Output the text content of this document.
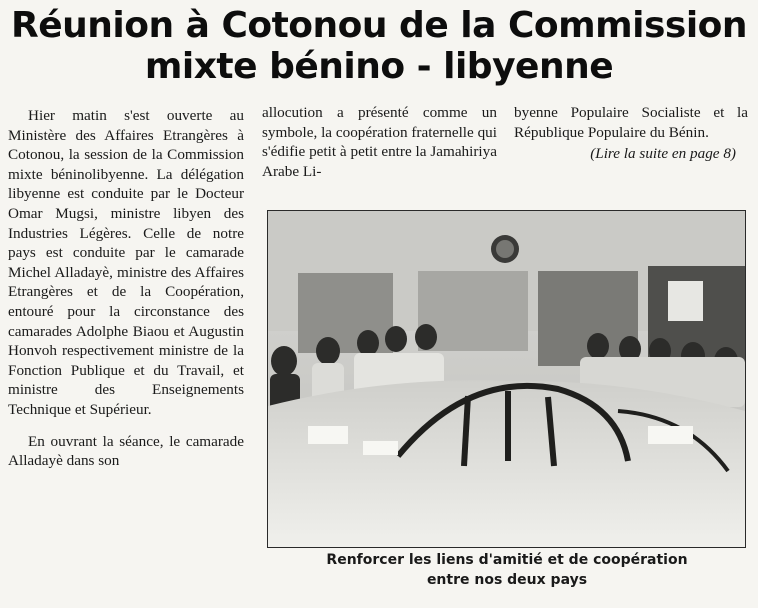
Réunion à Cotonou de la Commission
mixte bénino - libyenne

Hier matin s'est ouverte au Ministère des Affaires Etrangères à Cotonou, la session de la Commission mixte béninolibyenne. La délégation libyenne est conduite par le Docteur Omar Mugsi, ministre libyen des Industries Légères. Celle de notre pays est conduite par le camarade Michel Alladayè, ministre des Affaires Etrangères et de la Coopération, entouré pour la circonstance des camarades Adolphe Biaou et Augustin Honvoh respectivement ministre de la Fonction Publique et du Travail, et ministre des Enseignements Technique et Supérieur.

En ouvrant la séance, le camarade Alladayè dans son

allocution a présenté comme un symbole, la coopération fraternelle qui s'édifie petit à petit entre la Jamahiriya Arabe Li-

byenne Populaire Socialiste et la République Populaire du Bénin.

(Lire la suite en page 8)

Renforcer les liens d'amitié et de coopération
entre nos deux pays
